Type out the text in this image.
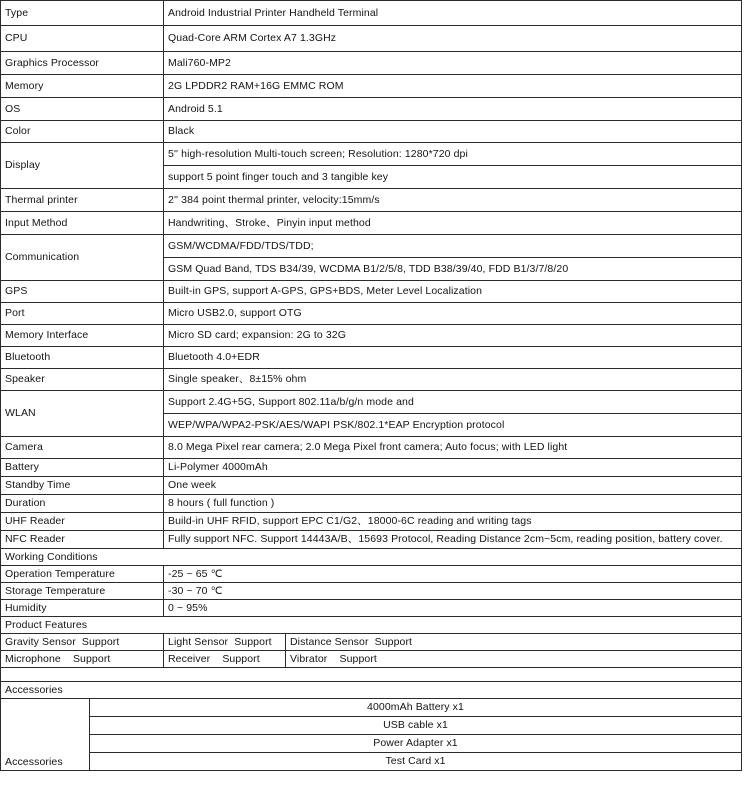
Type	Android Industrial Printer Handheld Terminal
CPU	Quad-Core ARM Cortex A7 1.3GHz
Graphics Processor	Mali760-MP2
Memory	2G LPDDR2 RAM+16G EMMC ROM
OS	Android 5.1
Color	Black
Display	5'' high-resolution Multi-touch screen; Resolution: 1280*720 dpi
	support 5 point finger touch and 3 tangible key
Thermal printer	2'' 384 point thermal printer, velocity:15mm/s
Input Method	Handwriting、Stroke、Pinyin input method
Communication	GSM/WCDMA/FDD/TDS/TDD;
	GSM Quad Band, TDS B34/39, WCDMA B1/2/5/8, TDD B38/39/40, FDD B1/3/7/8/20
GPS	Built-in GPS, support A-GPS, GPS+BDS, Meter Level Localization
Port	Micro USB2.0, support OTG
Memory Interface	Micro SD card; expansion: 2G to 32G
Bluetooth	Bluetooth 4.0+EDR
Speaker	Single speaker、8±15% ohm
WLAN	Support 2.4G+5G, Support 802.11a/b/g/n mode and
	WEP/WPA/WPA2-PSK/AES/WAPI PSK/802.1*EAP Encryption protocol
Camera	8.0 Mega Pixel rear camera; 2.0 Mega Pixel front camera; Auto focus; with LED light
Battery	Li-Polymer 4000mAh
Standby Time	One week
Duration	8 hours ( full function )
UHF Reader	Build-in UHF RFID, support EPC C1/G2、18000-6C reading and writing tags
NFC Reader	Fully support NFC. Support 14443A/B、15693 Protocol, Reading Distance 2cm~5cm, reading position, battery cover.
Working Conditions	
Operation Temperature	-25 ~ 65 ℃
Storage Temperature	-30 ~ 70 ℃
Humidity	0 ~ 95%
Product Features	
Gravity Sensor Support	Light Sensor Support	Distance Sensor Support
Microphone Support	Receiver Support	Vibrator Support

Accessories
Accessories	4000mAh Battery x1
USB cable x1
Power Adapter x1
Test Card x1
